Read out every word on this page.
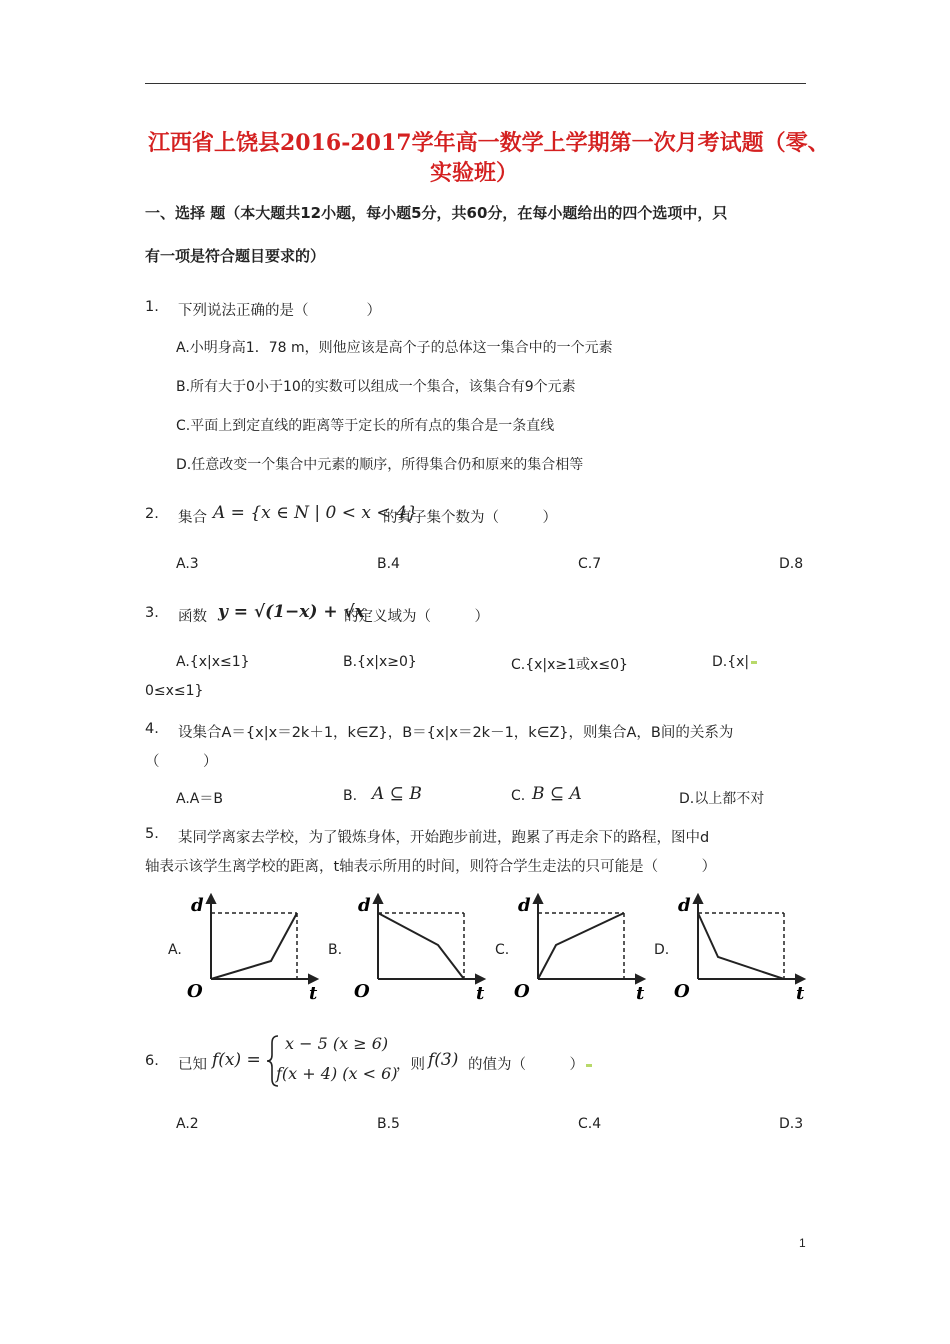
江西省上饶县2016-2017学年高一数学上学期第一次月考试题（零、
实验班）
一、选择 题（本大题共12小题，每小题5分，共60分，在每小题给出的四个选项中，只
有一项是符合题目要求的）
1. 下列说法正确的是（　　　　）
A.小明身高1．78 m，则他应该是高个子的总体这一集合中的一个元素
B.所有大于0小于10的实数可以组成一个集合，该集合有9个元素
C.平面上到定直线的距离等于定长的所有点的集合是一条直线
D.任意改变一个集合中元素的顺序，所得集合仍和原来的集合相等
2. 集合 A = {x ∈ N | 0 < x < 4}
的真子集个数为（　　　）
A.3	B.4	C.7	D.8
3. 函数 y = √(1−x) + √x
的定义域为（　　　）
A.{x|x≤1}	B.{x|x≥0}	C.{x|x≥1或x≤0}	D.{x|
0≤x≤1}
4. 设集合A＝{x|x＝2k＋1，k∈Z}，B＝{x|x＝2k－1，k∈Z}，则集合A，B间的关系为
（　　　）
A.A＝B	B. A ⊆ B	C. B ⊆ A	D.以上都不对
5. 某同学离家去学校，为了锻炼身体，开始跑步前进，跑累了再走余下的路程，图中d
轴表示该学生离学校的距离，t轴表示所用的时间，则符合学生走法的只可能是（　　　）
A.	B.	C.	D.
d
O	t
d
O	t
d
O	t
d
O	t
6. 已知 f(x) =
x − 5 (x ≥ 6)
f(x + 4) (x < 6)
，则 f(3) 的值为（　　　）
A.2	B.5	C.4	D.3
1
